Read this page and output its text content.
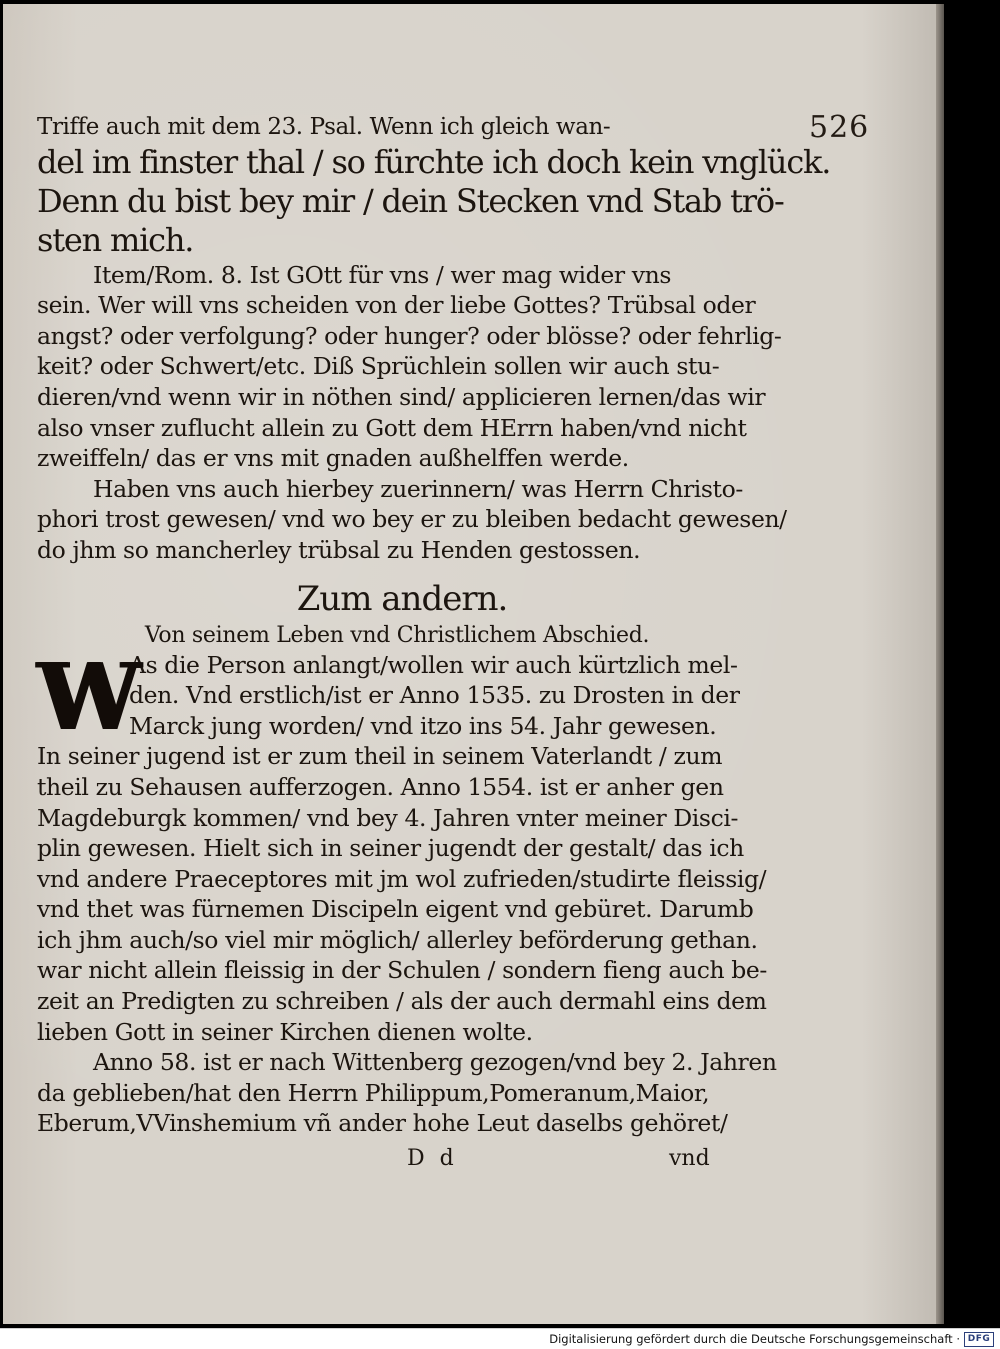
526
Triffe auch mit dem 23. Psal. Wenn ich gleich wan-
del im finster thal / so fürchte ich doch kein vnglück.
Denn du bist bey mir / dein Stecken vnd Stab trö-
sten mich.
Item/Rom. 8. Ist GOtt für vns / wer mag wider vns
sein. Wer will vns scheiden von der liebe Gottes? Trübsal oder
angst? oder verfolgung? oder hunger? oder blösse? oder fehrlig-
keit? oder Schwert/etc. Diß Sprüchlein sollen wir auch stu-
dieren/vnd wenn wir in nöthen sind/ applicieren lernen/das wir
also vnser zuflucht allein zu Gott dem HErrn haben/vnd nicht
zweiffeln/ das er vns mit gnaden außhelffen werde.
Haben vns auch hierbey zuerinnern/ was Herrn Christo-
phori trost gewesen/ vnd wo bey er zu bleiben bedacht gewesen/
do jhm so mancherley trübsal zu Henden gestossen.
Zum andern.
Von seinem Leben vnd Christlichem Abschied.
W
As die Person anlangt/wollen wir auch kürtzlich mel-
den. Vnd erstlich/ist er Anno 1535. zu Drosten in der
Marck jung worden/ vnd itzo ins 54. Jahr gewesen.
In seiner jugend ist er zum theil in seinem Vaterlandt / zum
theil zu Sehausen aufferzogen. Anno 1554. ist er anher gen
Magdeburgk kommen/ vnd bey 4. Jahren vnter meiner Disci-
plin gewesen. Hielt sich in seiner jugendt der gestalt/ das ich
vnd andere Praeceptores mit jm wol zufrieden/studirte fleissig/
vnd thet was fürnemen Discipeln eigent vnd gebüret. Darumb
ich jhm auch/so viel mir möglich/ allerley beförderung gethan.
war nicht allein fleissig in der Schulen / sondern fieng auch be-
zeit an Predigten zu schreiben / als der auch dermahl eins dem
lieben Gott in seiner Kirchen dienen wolte.
Anno 58. ist er nach Wittenberg gezogen/vnd bey 2. Jahren
da geblieben/hat den Herrn Philippum,Pomeranum,Maior,
Eberum,VVinshemium vñ ander hohe Leut daselbs gehöret/
D d	vnd
Digitalisierung gefördert durch die Deutsche Forschungsgemeinschaft · DFG
